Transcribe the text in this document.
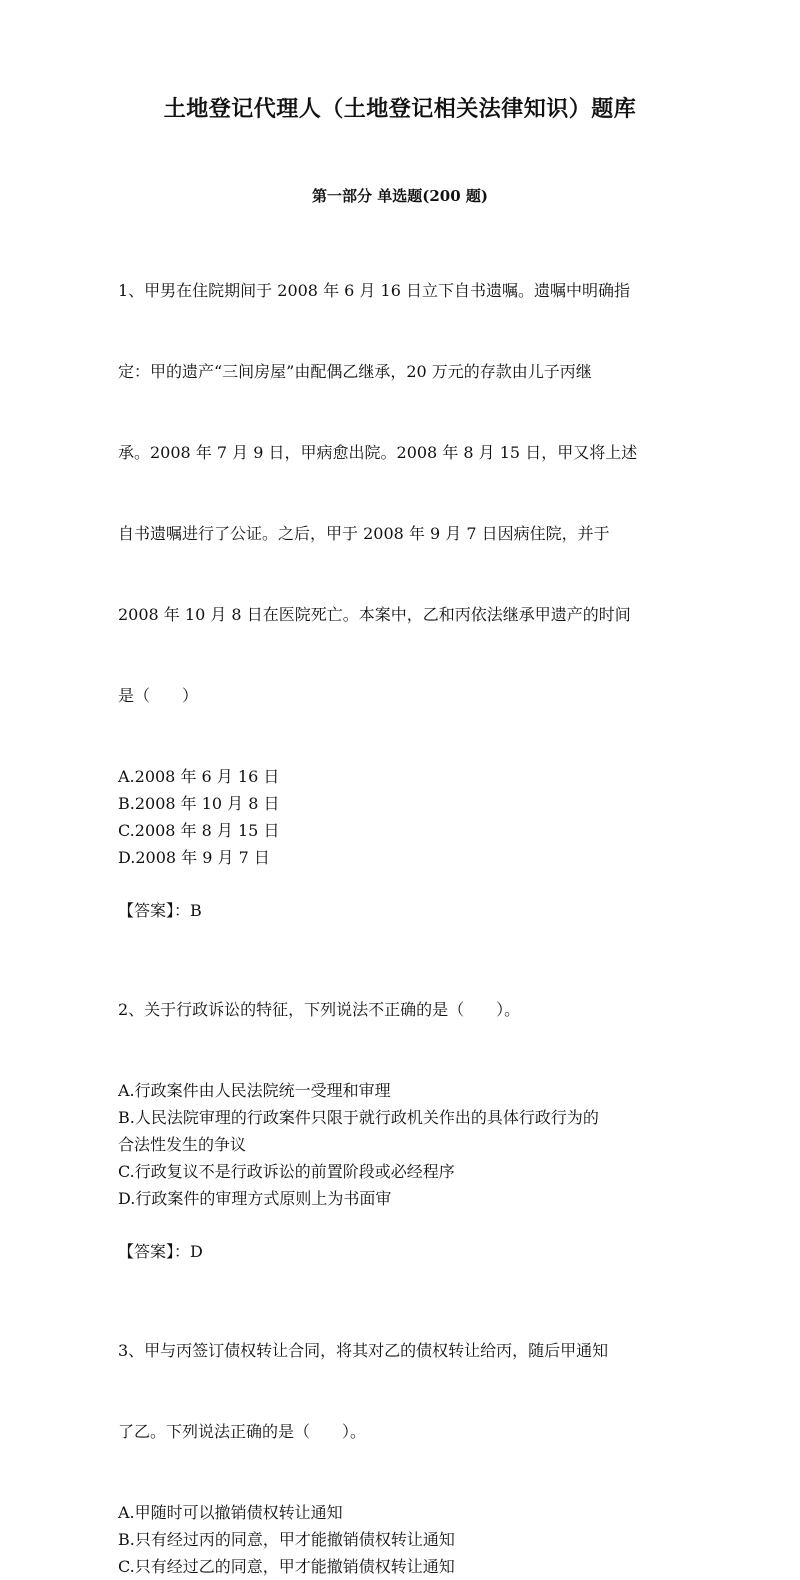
土地登记代理人（土地登记相关法律知识）题库
第一部分 单选题(200 题)

1、甲男在住院期间于 2008 年 6 月 16 日立下自书遗嘱。遗嘱中明确指

定：甲的遗产“三间房屋”由配偶乙继承，20 万元的存款由儿子丙继

承。2008 年 7 月 9 日，甲病愈出院。2008 年 8 月 15 日，甲又将上述

自书遗嘱进行了公证。之后，甲于 2008 年 9 月 7 日因病住院，并于

2008 年 10 月 8 日在医院死亡。本案中，乙和丙依法继承甲遗产的时间

是（　　）

A.2008 年 6 月 16 日
B.2008 年 10 月 8 日
C.2008 年 8 月 15 日
D.2008 年 9 月 7 日
【答案】：B

2、关于行政诉讼的特征，下列说法不正确的是（　　）。

A.行政案件由人民法院统一受理和审理
B.人民法院审理的行政案件只限于就行政机关作出的具体行政行为的
合法性发生的争议
C.行政复议不是行政诉讼的前置阶段或必经程序
D.行政案件的审理方式原则上为书面审
【答案】：D

3、甲与丙签订债权转让合同，将其对乙的债权转让给丙，随后甲通知

了乙。下列说法正确的是（　　）。

A.甲随时可以撤销债权转让通知
B.只有经过丙的同意，甲才能撤销债权转让通知
C.只有经过乙的同意，甲才能撤销债权转让通知
